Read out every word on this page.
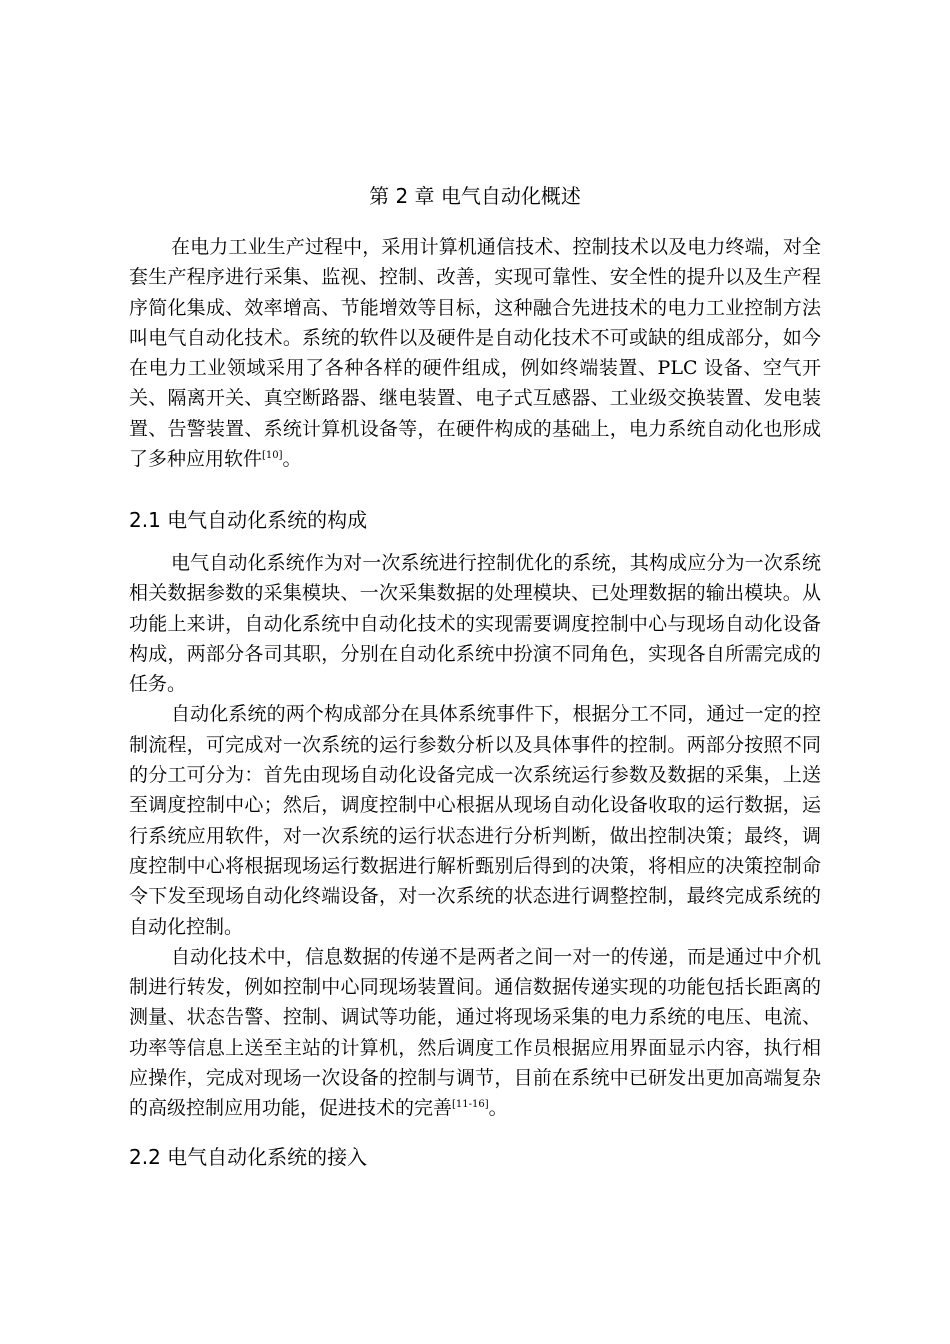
第 2 章 电气自动化概述

在电力工业生产过程中，采用计算机通信技术、控制技术以及电力终端，对全套生产程序进行采集、监视、控制、改善，实现可靠性、安全性的提升以及生产程序简化集成、效率增高、节能增效等目标，这种融合先进技术的电力工业控制方法叫电气自动化技术。系统的软件以及硬件是自动化技术不可或缺的组成部分，如今在电力工业领域采用了各种各样的硬件组成，例如终端装置、PLC 设备、空气开关、隔离开关、真空断路器、继电装置、电子式互感器、工业级交换装置、发电装置、告警装置、系统计算机设备等，在硬件构成的基础上，电力系统自动化也形成了多种应用软件[10]。

2.1 电气自动化系统的构成

电气自动化系统作为对一次系统进行控制优化的系统，其构成应分为一次系统相关数据参数的采集模块、一次采集数据的处理模块、已处理数据的输出模块。从功能上来讲，自动化系统中自动化技术的实现需要调度控制中心与现场自动化设备构成，两部分各司其职，分别在自动化系统中扮演不同角色，实现各自所需完成的任务。

自动化系统的两个构成部分在具体系统事件下，根据分工不同，通过一定的控制流程，可完成对一次系统的运行参数分析以及具体事件的控制。两部分按照不同的分工可分为：首先由现场自动化设备完成一次系统运行参数及数据的采集，上送至调度控制中心；然后，调度控制中心根据从现场自动化设备收取的运行数据，运行系统应用软件，对一次系统的运行状态进行分析判断，做出控制决策；最终，调度控制中心将根据现场运行数据进行解析甄别后得到的决策，将相应的决策控制命令下发至现场自动化终端设备，对一次系统的状态进行调整控制，最终完成系统的自动化控制。

自动化技术中，信息数据的传递不是两者之间一对一的传递，而是通过中介机制进行转发，例如控制中心同现场装置间。通信数据传递实现的功能包括长距离的测量、状态告警、控制、调试等功能，通过将现场采集的电力系统的电压、电流、功率等信息上送至主站的计算机，然后调度工作员根据应用界面显示内容，执行相应操作，完成对现场一次设备的控制与调节，目前在系统中已研发出更加高端复杂的高级控制应用功能，促进技术的完善[11-16]。

2.2 电气自动化系统的接入
